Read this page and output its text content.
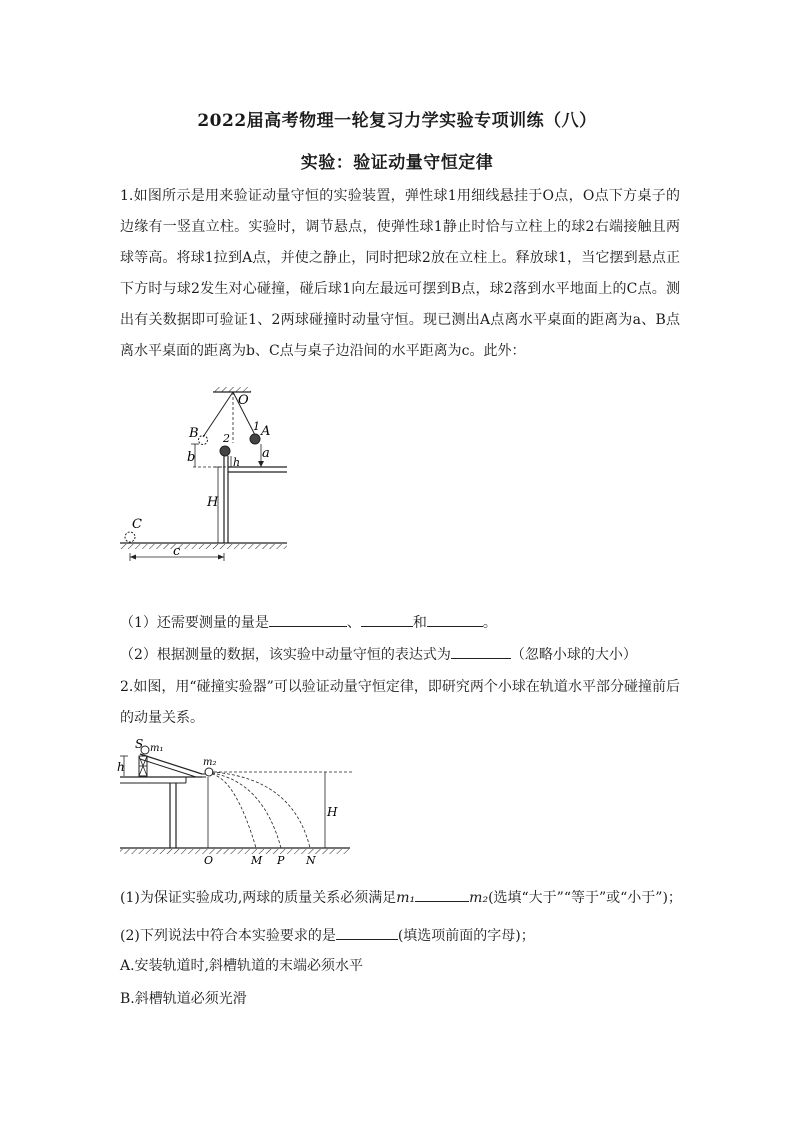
2022届高考物理一轮复习力学实验专项训练（八）
实验：验证动量守恒定律
1.如图所示是用来验证动量守恒的实验装置，弹性球1用细线悬挂于O点，O点下方桌子的边缘有一竖直立柱。实验时，调节悬点，使弹性球1静止时恰与立柱上的球2右端接触且两球等高。将球1拉到A点，并使之静止，同时把球2放在立柱上。释放球1，当它摆到悬点正下方时与球2发生对心碰撞，碰后球1向左最远可摆到B点，球2落到水平地面上的C点。测出有关数据即可验证1、2两球碰撞时动量守恒。现已测出A点离水平桌面的距离为a、B点离水平桌面的距离为b、C点与桌子边沿间的水平距离为c。此外：
O
A
1
B 2
b	a
h
H
C
c
（1）还需要测量的量是	、	和	。
（2）根据测量的数据，该实验中动量守恒的表达式为	（忽略小球的大小）
2.如图，用“碰撞实验器”可以验证动量守恒定律，即研究两个小球在轨道水平部分碰撞前后的动量关系。
S m₁
h	m₂
H
O	M P N
(1)为保证实验成功,两球的质量关系必须满足m₁	m₂(选填“大于”“等于”或“小于”)；
(2)下列说法中符合本实验要求的是	(填选项前面的字母)；
A.安装轨道时,斜槽轨道的末端必须水平
B.斜槽轨道必须光滑
